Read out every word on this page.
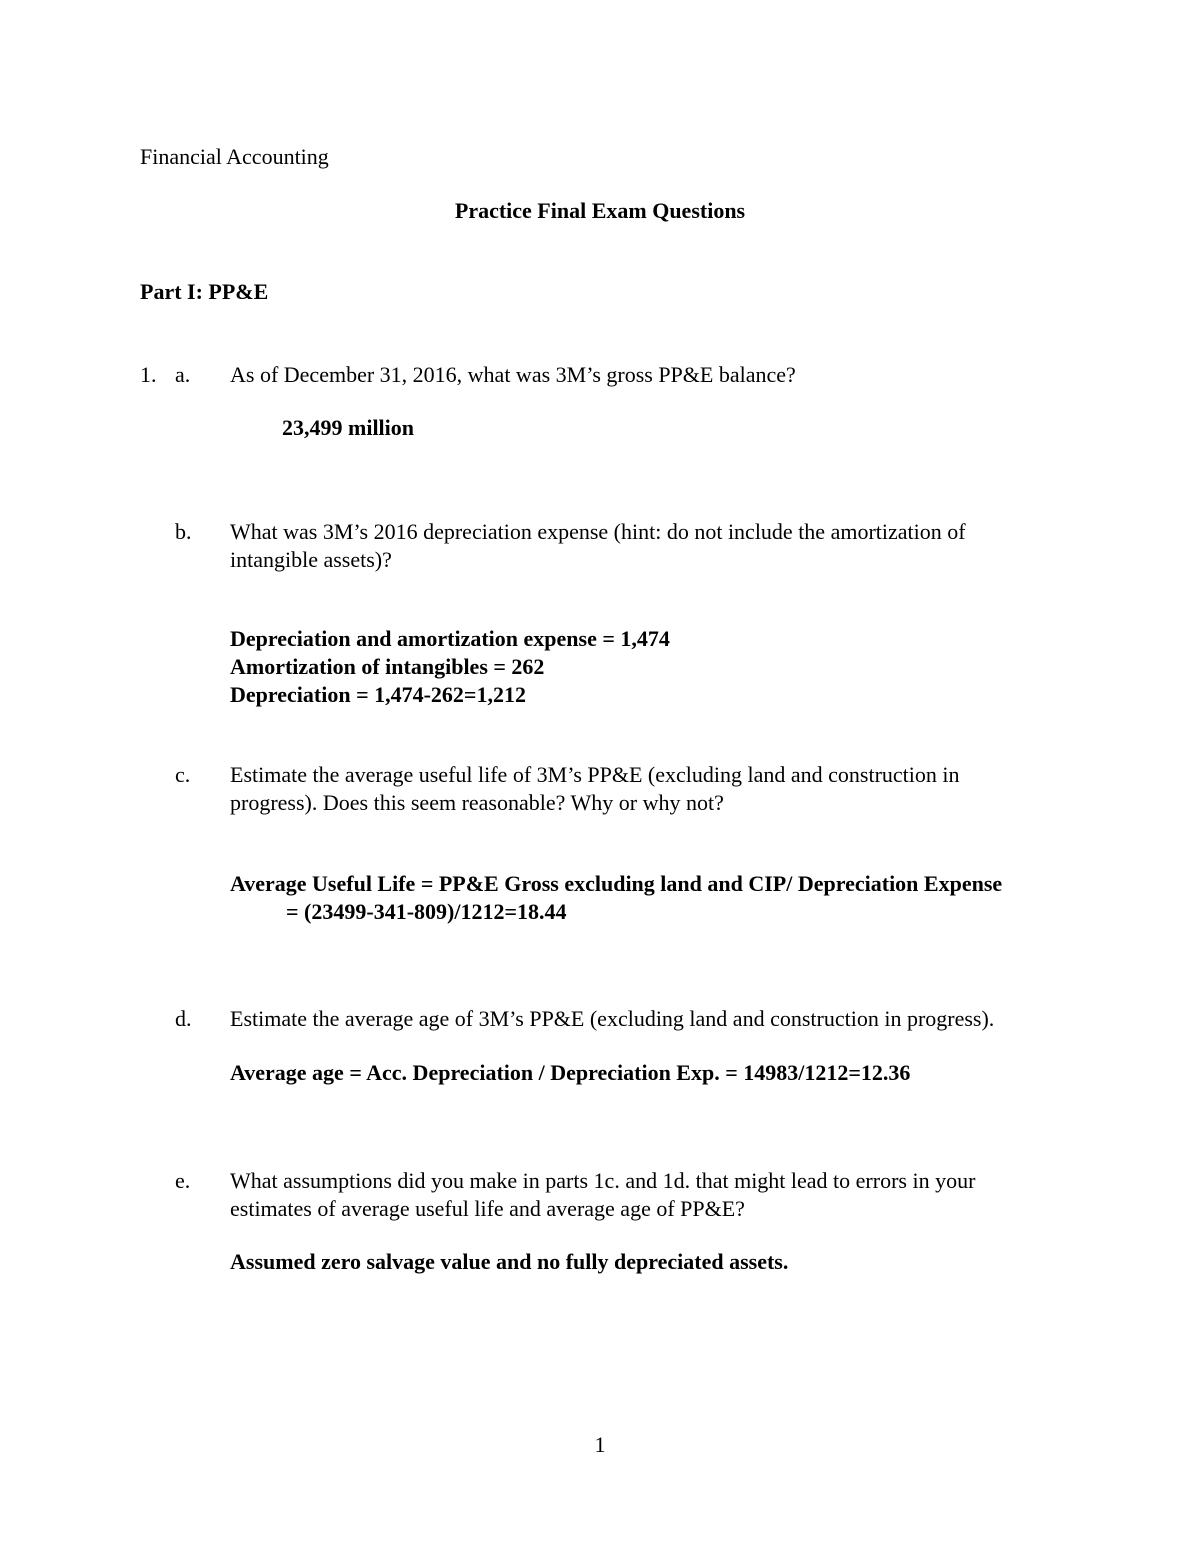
Financial Accounting
Practice Final Exam Questions
Part I: PP&E
1. a. As of December 31, 2016, what was 3M’s gross PP&E balance?
23,499 million
b. What was 3M’s 2016 depreciation expense (hint: do not include the amortization of
intangible assets)?
Depreciation and amortization expense = 1,474
Amortization of intangibles = 262
Depreciation = 1,474-262=1,212
c. Estimate the average useful life of 3M’s PP&E (excluding land and construction in
progress). Does this seem reasonable? Why or why not?
Average Useful Life = PP&E Gross excluding land and CIP/ Depreciation Expense
= (23499-341-809)/1212=18.44
d. Estimate the average age of 3M’s PP&E (excluding land and construction in progress).
Average age = Acc. Depreciation / Depreciation Exp. = 14983/1212=12.36
e. What assumptions did you make in parts 1c. and 1d. that might lead to errors in your
estimates of average useful life and average age of PP&E?
Assumed zero salvage value and no fully depreciated assets.
1
